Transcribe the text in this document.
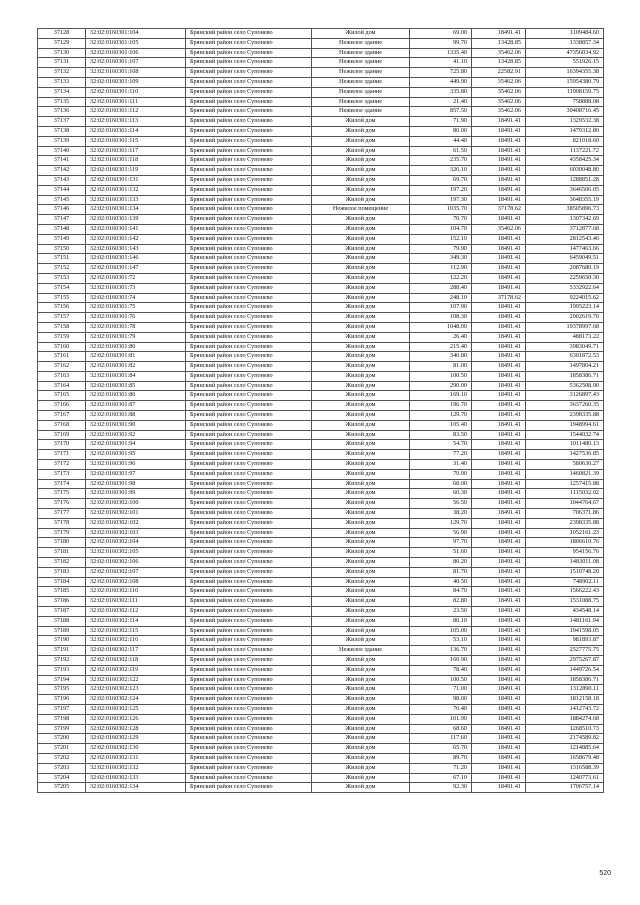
37128	32:02:0160301:104	Брянский район село Супонево	Жилой дом	69.00	18491.41	1109484.60
37129	32:02:0160301:105	Брянский район село Супонево	Нежилое здание	99.70	13428.85	1338857.34
37130	32:02:0160301:106	Брянский район село Супонево	Нежилое здание	1335.40	35462.06	47356034.92
37131	32:02:0160301:107	Брянский район село Супонево	Нежилое здание	41.10	13428.85	551926.15
37132	32:02:0160301:108	Брянский район село Супонево	Нежилое здание	725.80	22582.91	16394355.38
37133	32:02:0160301:109	Брянский район село Супонево	Нежилое здание	449.90	35462.06	15954380.79
37134	32:02:0160301:110	Брянский район село Супонево	Нежилое здание	335.80	35462.06	11908159.75
37135	32:02:0160301:111	Брянский район село Супонево	Нежилое здание	21.40	35462.06	758888.08
37136	32:02:0160301:112	Брянский район село Супонево	Нежилое здание	857.50	35462.06	30408716.45
37137	32:02:0160301:113	Брянский район село Супонево	Жилой дом	71.90	18491.41	1329532.38
37138	32:02:0160301:114	Брянский район село Супонево	Жилой дом	80.00	18491.41	1479312.80
37139	32:02:0160301:115	Брянский район село Супонево	Жилой дом	44.40	18491.41	821018.60
37140	32:02:0160301:117	Брянский район село Супонево	Жилой дом	61.50	18491.41	1137221.72
37141	32:02:0160301:118	Брянский район село Супонево	Жилой дом	235.70	18491.41	4358425.34
37142	32:02:0160301:119	Брянский район село Супонево	Жилой дом	326.10	18491.41	6030048.80
37143	32:02:0160301:131	Брянский район село Супонево	Жилой дом	69.70	18491.41	1288851.28
37144	32:02:0160301:132	Брянский район село Супонево	Жилой дом	197.20	18491.41	3646506.05
37145	32:02:0160301:133	Брянский район село Супонево	Жилой дом	197.30	18491.41	3648355.19
37146	32:02:0160301:134	Брянский район село Супонево	Нежилое помещение	1035.70	37178.62	38505896.73
37147	32:02:0160301:139	Брянский район село Супонево	Жилой дом	70.70	18491.41	1307342.69
37148	32:02:0160301:141	Брянский район село Супонево	Жилой дом	104.70	35462.06	3712877.68
37149	32:02:0160301:142	Брянский район село Супонево	Жилой дом	152.10	18491.41	2812543.46
37150	32:02:0160301:143	Брянский район село Супонево	Жилой дом	79.90	18491.41	1477463.66
37151	32:02:0160301:146	Брянский район село Супонево	Жилой дом	349.30	18491.41	6459049.51
37152	32:02:0160301:147	Брянский район село Супонево	Жилой дом	112.90	18491.41	2087680.19
37153	32:02:0160301:72	Брянский район село Супонево	Жилой дом	122.20	18491.41	2259650.30
37154	32:02:0160301:73	Брянский район село Супонево	Жилой дом	288.40	18491.41	5332922.64
37155	32:02:0160301:74	Брянский район село Супонево	Жилой дом	248.10	37178.62	9224015.62
37156	32:02:0160301:75	Брянский район село Супонево	Жилой дом	107.90	18491.41	1995223.14
37157	32:02:0160301:76	Брянский район село Супонево	Жилой дом	108.30	18491.41	2002619.70
37158	32:02:0160301:78	Брянский район село Супонево	Жилой дом	1048.00	18491.41	19378997.68
37159	32:02:0160301:79	Брянский район село Супонево	Жилой дом	26.40	18491.41	488173.22
37160	32:02:0160301:80	Брянский район село Супонево	Жилой дом	215.40	18491.41	3983049.71
37161	32:02:0160301:81	Брянский район село Супонево	Жилой дом	340.80	18491.41	6301872.53
37162	32:02:0160301:82	Брянский район село Супонево	Жилой дом	81.00	18491.41	1497804.21
37163	32:02:0160301:84	Брянский район село Супонево	Жилой дом	100.50	18491.41	1858386.71
37164	32:02:0160301:85	Брянский район село Супонево	Жилой дом	290.00	18491.41	5362508.90
37165	32:02:0160301:86	Брянский район село Супонево	Жилой дом	169.10	18491.41	3126897.43
37166	32:02:0160301:87	Брянский район село Супонево	Жилой дом	196.70	18491.41	3637260.35
37167	32:02:0160301:88	Брянский район село Супонево	Жилой дом	129.70	18491.41	2398335.88
37168	32:02:0160301:90	Брянский район село Супонево	Жилой дом	105.40	18491.41	1948994.61
37169	32:02:0160301:92	Брянский район село Супонево	Жилой дом	83.50	18491.41	1544032.74
37170	32:02:0160301:94	Брянский район село Супонево	Жилой дом	54.70	18491.41	1011480.13
37171	32:02:0160301:95	Брянский район село Супонево	Жилой дом	77.20	18491.41	1427536.85
37172	32:02:0160301:96	Брянский район село Супонево	Жилой дом	31.40	18491.41	580630.27
37173	32:02:0160301:97	Брянский район село Супонево	Жилой дом	79.00	18491.41	1460821.39
37174	32:02:0160301:98	Брянский район село Супонево	Жилой дом	68.00	18491.41	1257415.88
37175	32:02:0160301:99	Брянский район село Супонево	Жилой дом	60.30	18491.41	1115032.02
37176	32:02:0160302:100	Брянский район село Супонево	Жилой дом	56.50	18491.41	1044764.67
37177	32:02:0160302:101	Брянский район село Супонево	Жилой дом	38.20	18491.41	706371.86
37178	32:02:0160302:102	Брянский район село Супонево	Жилой дом	129.70	18491.41	2398335.88
37179	32:02:0160302:103	Брянский район село Супонево	Жилой дом	56.90	18491.41	1052161.23
37180	32:02:0160302:104	Брянский район село Супонево	Жилой дом	97.70	18491.41	1806610.76
37181	32:02:0160302:105	Брянский район село Супонево	Жилой дом	51.60	18491.41	954156.76
37182	32:02:0160302:106	Брянский район село Супонево	Жилой дом	80.20	18491.41	1483011.08
37183	32:02:0160302:107	Брянский район село Супонево	Жилой дом	81.70	18491.41	1510748.20
37184	32:02:0160302:108	Брянский район село Супонево	Жилой дом	40.50	18491.41	748902.11
37185	32:02:0160302:110	Брянский район село Супонево	Жилой дом	84.70	18491.41	1566222.43
37186	32:02:0160302:111	Брянский район село Супонево	Жилой дом	82.80	18491.41	1531088.75
37187	32:02:0160302:112	Брянский район село Супонево	Жилой дом	23.50	18491.41	434548.14
37188	32:02:0160302:114	Брянский район село Супонево	Жилой дом	80.10	18491.41	1481161.94
37189	32:02:0160302:115	Брянский район село Супонево	Жилой дом	105.00	18491.41	1941598.05
37190	32:02:0160302:116	Брянский район село Супонево	Жилой дом	53.10	18491.41	981893.87
37191	32:02:0160302:117	Брянский район село Супонево	Нежилое здание	136.70	18491.41	2527775.75
37192	32:02:0160302:118	Брянский район село Супонево	Жилой дом	160.90	18491.41	2975267.87
37193	32:02:0160302:119	Брянский район село Супонево	Жилой дом	78.40	18491.41	1449726.54
37194	32:02:0160302:122	Брянский район село Супонево	Жилой дом	100.50	18491.41	1858386.71
37195	32:02:0160302:123	Брянский район село Супонево	Жилой дом	71.00	18491.41	1312890.11
37196	32:02:0160302:124	Брянский район село Супонево	Жилой дом	98.00	18491.41	1812158.18
37197	32:02:0160302:125	Брянский район село Супонево	Жилой дом	76.40	18491.41	1412743.72
37198	32:02:0160302:126	Брянский район село Супонево	Жилой дом	101.90	18491.41	1884274.68
37199	32:02:0160302:128	Брянский район село Супонево	Жилой дом	68.60	18491.41	1268510.73
37200	32:02:0160302:129	Брянский район село Супонево	Жилой дом	117.60	18491.41	2174589.82
37201	32:02:0160302:130	Брянский район село Супонево	Жилой дом	65.70	18491.41	1214885.64
37202	32:02:0160302:131	Брянский район село Супонево	Жилой дом	89.70	18491.41	1658679.48
37203	32:02:0160302:132	Брянский район село Супонево	Жилой дом	71.20	18491.41	1316588.39
37204	32:02:0160302:133	Брянский район село Супонево	Жилой дом	67.10	18491.41	1240773.61
37205	32:02:0160302:134	Брянский район село Супонево	Жилой дом	92.30	18491.41	1706757.14
520
